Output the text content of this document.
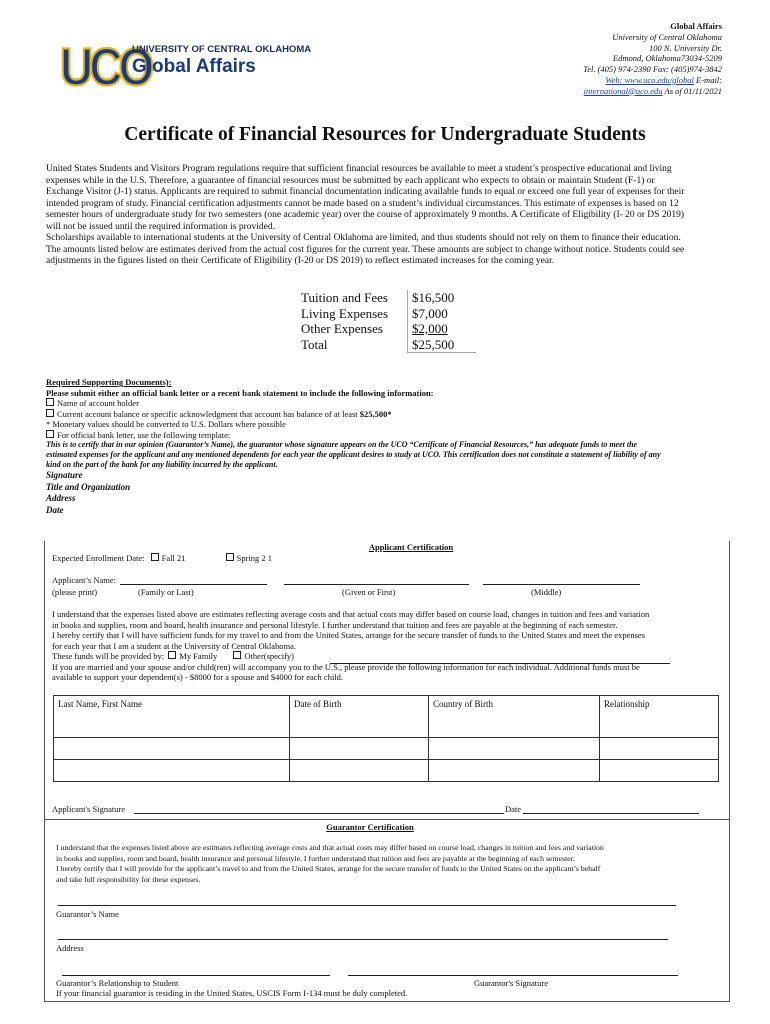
UCO
UNIVERSITY OF CENTRAL OKLAHOMA
Global Affairs
Global Affairs
University of Central Oklahoma
100 N. University Dr.
Edmond, Oklahoma73034-5209
Tel. (405) 974-2390 Fax: (405)974-3842
Web: www.uco.edu/global E-mail:
international@uco.edu As of 01/11/2021
Certificate of Financial Resources for Undergraduate Students
United States Students and Visitors Program regulations require that sufficient financial resources be available to meet a student’s prospective educational and living
expenses while in the U.S. Therefore, a guarantee of financial resources must be submitted by each applicant who expects to obtain or maintain Student (F-1) or
Exchange Visitor (J-1) status. Applicants are required to submit financial documentation indicating available funds to equal or exceed one full year of expenses for their
intended program of study. Financial certification adjustments cannot be made based on a student’s individual circumstances. This estimate of expenses is based on 12
semester hours of undergraduate study for two semesters (one academic year) over the course of approximately 9 months. A Certificate of Eligibility (I- 20 or DS 2019)
will not be issued until the required information is provided.
Scholarships available to international students at the University of Central Oklahoma are limited, and thus students should not rely on them to finance their education.
The amounts listed below are estimates derived from the actual cost figures for the current year. These amounts are subject to change without notice. Students could see
adjustments in the figures listed on their Certificate of Eligibility (I-20 or DS 2019) to reflect estimated increases for the coming year.
Tuition and Fees	$16,500
Living Expenses	$7,000
Other Expenses	$2,000
Total	$25,500
Required Supporting Documents):
Please submit either an official bank letter or a recent bank statement to include the following information:
Name of account holder
Current account balance or specific acknowledgment that account has balance of at least $25,500*
* Monetary values should be converted to U.S. Dollars where possible
For official bank letter, use the following template:
This is to certify that in our opinion (Guarantor’s Name), the guarantor whose signature appears on the UCO “Certificate of Financial Resources,” has adequate funds to meet the
estimated expenses for the applicant and any mentioned dependents for each year the applicant desires to study at UCO. This certification does not constitute a statement of liability of any
kind on the part of the bank for any liability incurred by the applicant.
Signature
Title and Organization
Address
Date
Applicant Certification
Expected Enrollment Date: Fall 21	Spring 2 1
Applicant’s Name:
(please print)	(Family or Last)	(Given or First)	(Middle)
I understand that the expenses listed above are estimates reflecting average costs and that actual costs may differ based on course load, changes in tuition and fees and variation
in books and supplies, room and board, health insurance and personal lifestyle. I further understand that tuition and fees are payable at the beginning of each semester.
I hereby certify that I will have sufficient funds for my travel to and from the United States, arrange for the secure transfer of funds to the United States and meet the expenses
for each year that I am a student at the University of Central Oklahoma.
These funds will be provided by: My Family	Other(specify)
If you are married and your spouse and/or child(ren) will accompany you to the U.S., please provide the following information for each individual. Additional funds must be
available to support your dependent(s) - $8000 for a spouse and $4000 for each child.
Last Name, First Name	Date of Birth	Country of Birth	Relationship

Applicant's Signature	Date
Guarantor Certification
I understand that the expenses listed above are estimates reflecting average costs and that actual costs may differ based on course load, changes in tuition and fees and variation
in books and supplies, room and board, health insurance and personal lifestyle. I further understand that tuition and fees are payable at the beginning of each semester.
I hereby certify that I will provide for the applicant’s travel to and from the United States, arrange for the secure transfer of funds to the United States on the applicant’s behalf
and take full responsibility for these expenses.
Guarantor’s Name
Address
Guarantor’s Relationship to Student	Guarantor's Signature
If your financial guarantor is residing in the United States, USCIS Form I-134 must be duly completed.
